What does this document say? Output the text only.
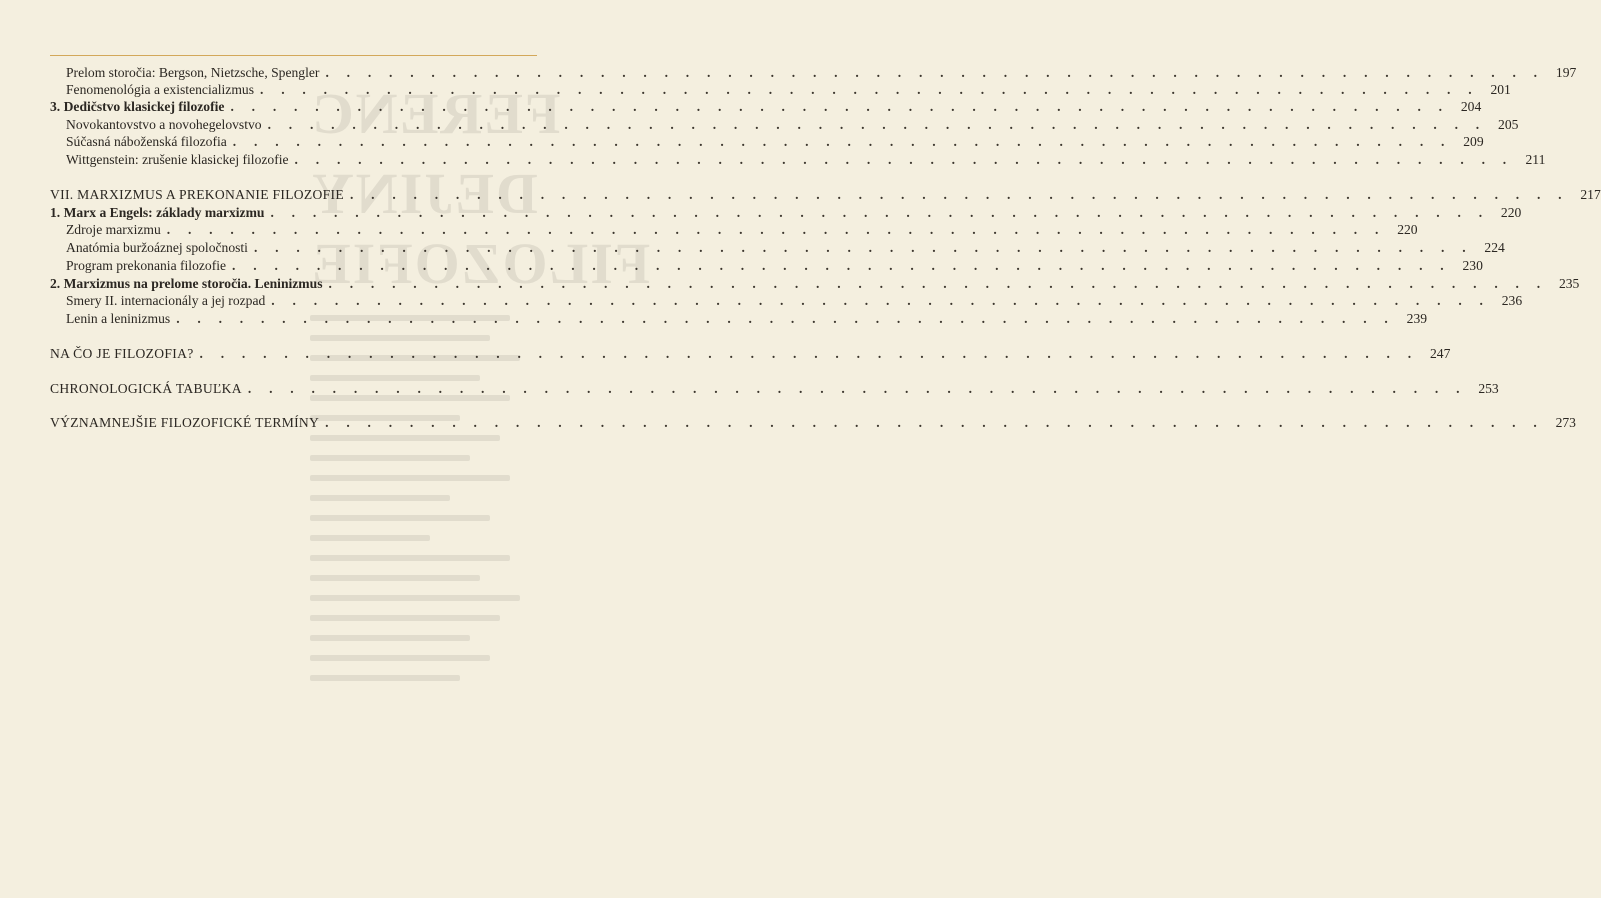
FERENC
DEJINY
FILOZOFIE
Prelom storočia: Bergson, Nietzsche, Spengler . . .	197
Fenomenológia a existencializmus . . .	201
3. Dedičstvo klasickej filozofie . . .	204
Novokantovstvo a novohegelovstvo . . .	205
Súčasná náboženská filozofia . . .	209
Wittgenstein: zrušenie klasickej filozofie . . .	211
VII. MARXIZMUS A PREKONANIE FILOZOFIE . . .	217
1. Marx a Engels: základy marxizmu . . .	220
Zdroje marxizmu . . .	220
Anatómia buržoáznej spoločnosti . . .	224
Program prekonania filozofie . . .	230
2. Marxizmus na prelome storočia. Leninizmus . . .	235
Smery II. internacionály a jej rozpad . . .	236
Lenin a leninizmus . . .	239
NA ČO JE FILOZOFIA? . . .	247
CHRONOLOGICKÁ TABUĽKA . . .	253
VÝZNAMNEJŠIE FILOZOFICKÉ TERMÍNY . . .	273
